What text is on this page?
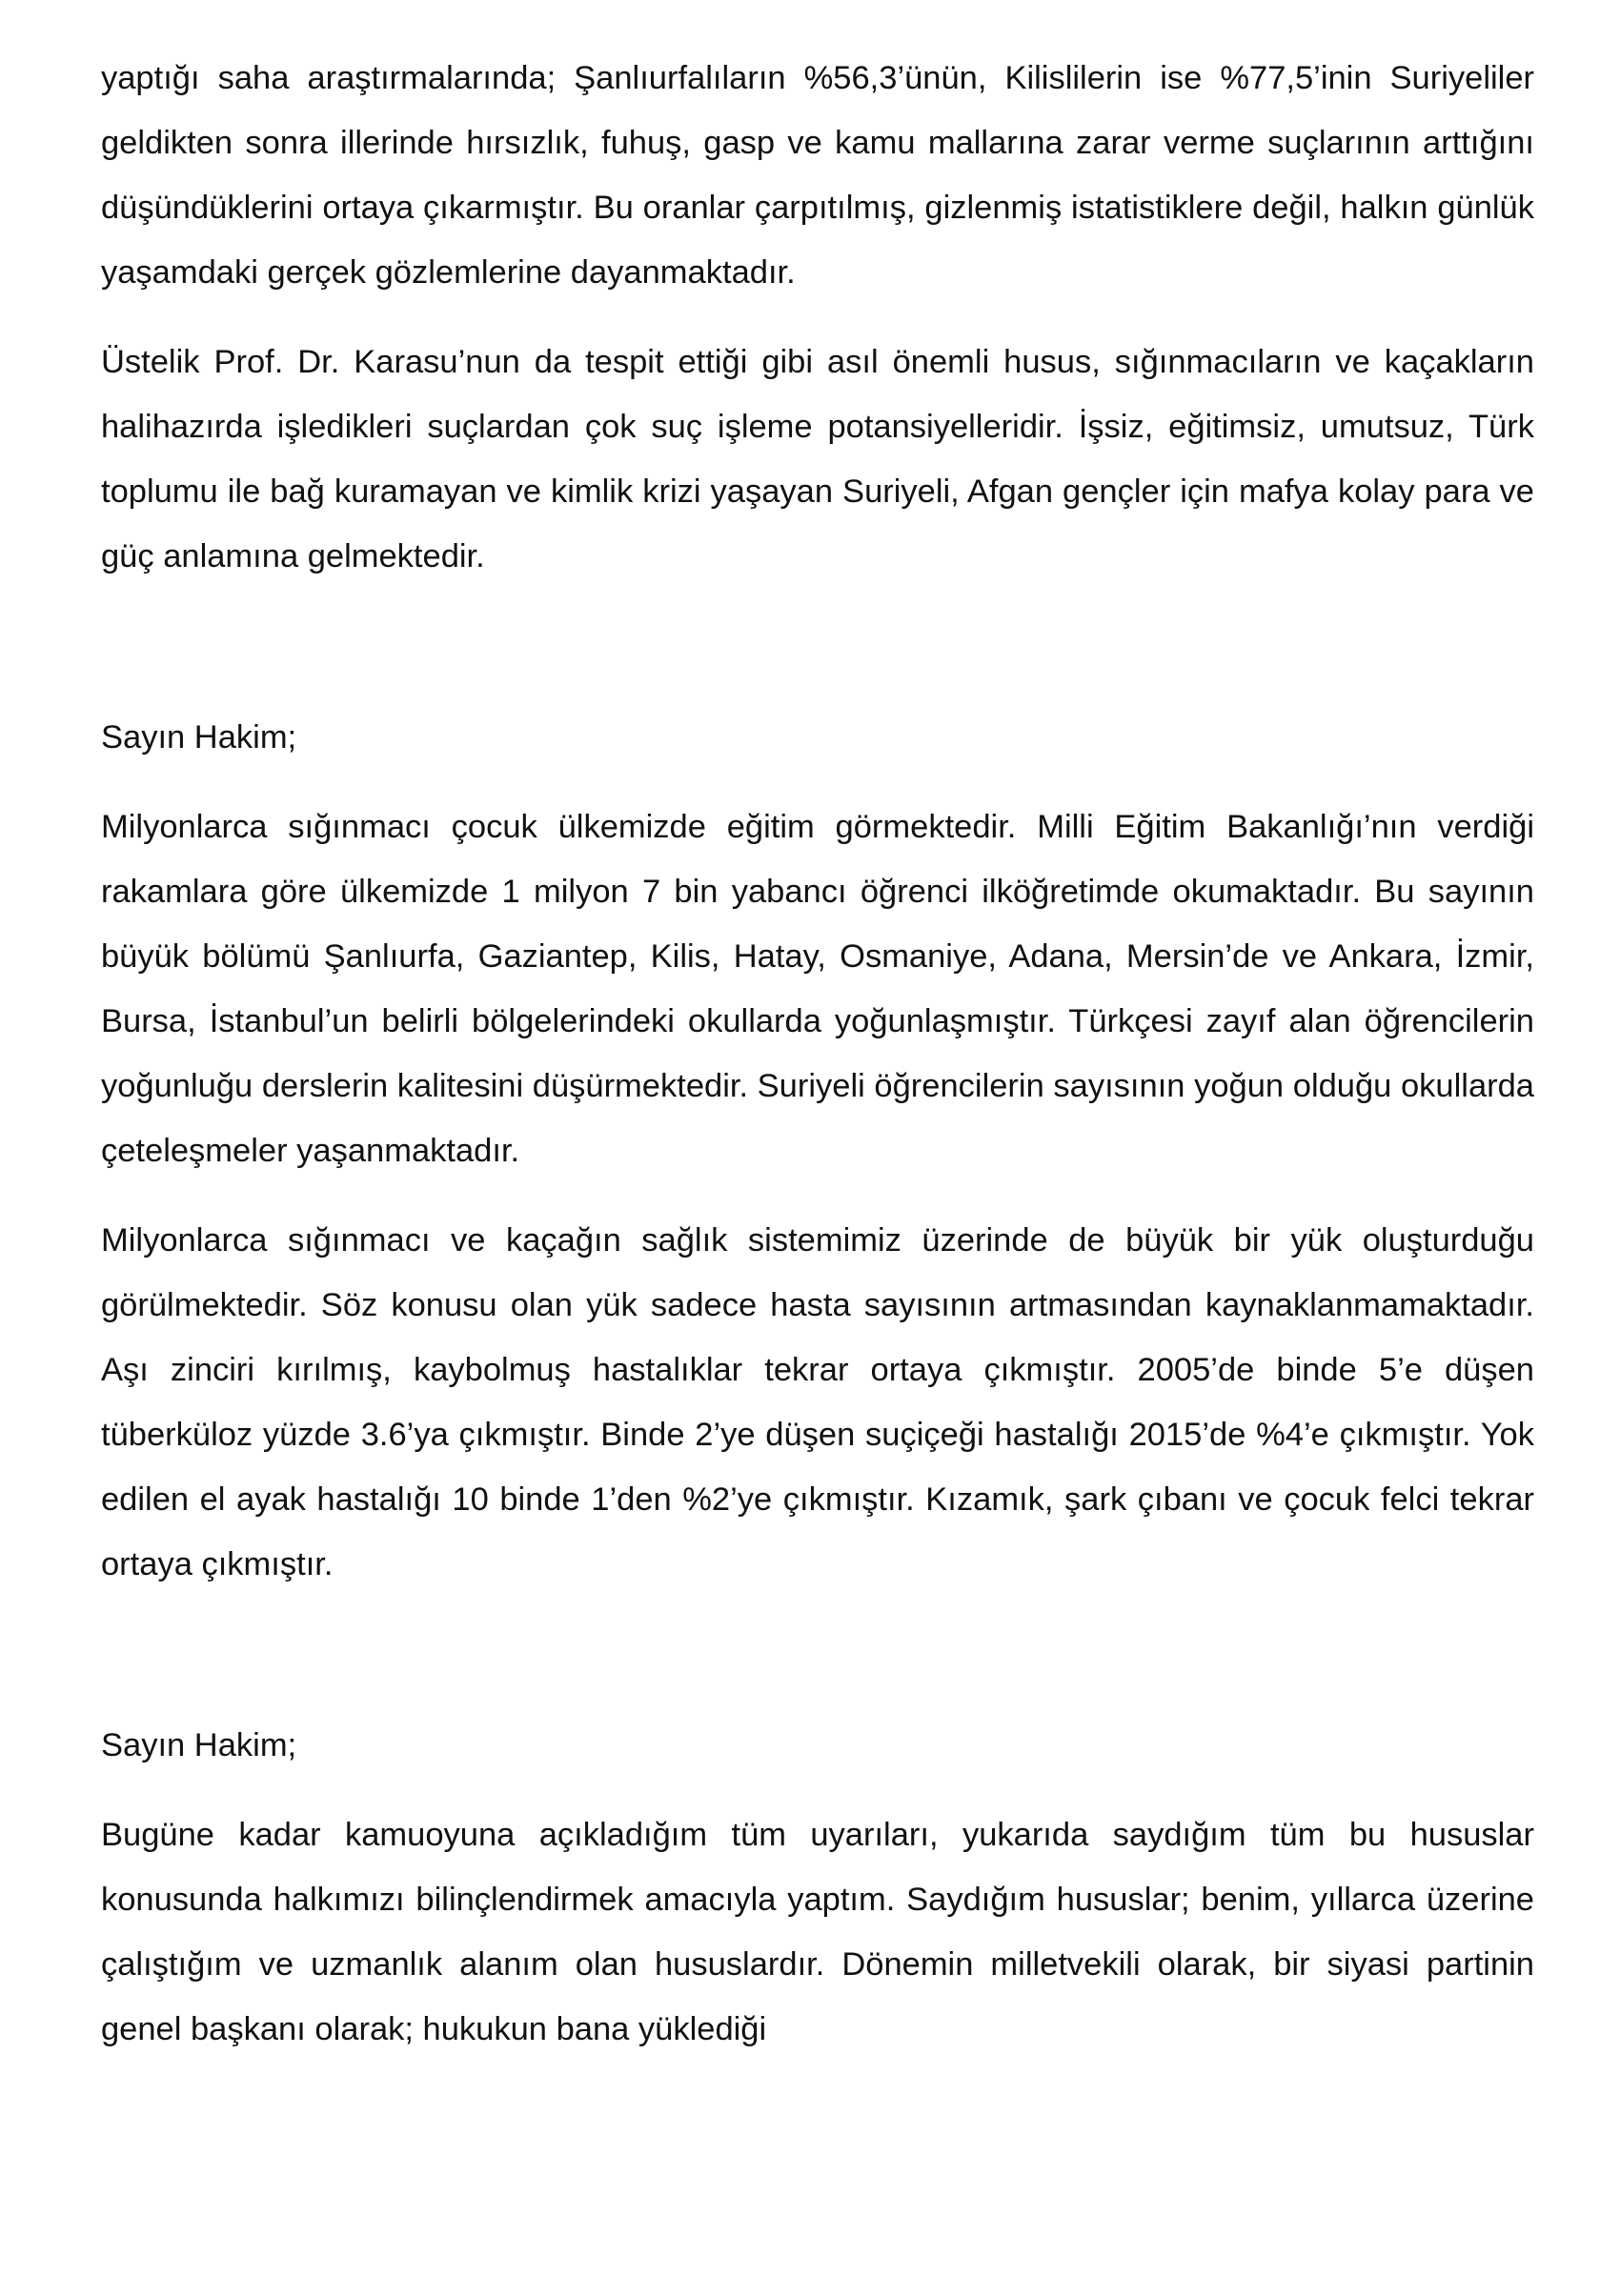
yaptığı saha araştırmalarında; Şanlıurfalıların %56,3’ünün, Kilislilerin ise %77,5’inin Suriyeliler geldikten sonra illerinde hırsızlık, fuhuş, gasp ve kamu mallarına zarar verme suçlarının arttığını düşündüklerini ortaya çıkarmıştır. Bu oranlar çarpıtılmış, gizlenmiş istatistiklere değil, halkın günlük yaşamdaki gerçek gözlemlerine dayanmaktadır.

Üstelik Prof. Dr. Karasu’nun da tespit ettiği gibi asıl önemli husus, sığınmacıların ve kaçakların halihazırda işledikleri suçlardan çok suç işleme potansiyelleridir. İşsiz, eğitimsiz, umutsuz, Türk toplumu ile bağ kuramayan ve kimlik krizi yaşayan Suriyeli, Afgan gençler için mafya kolay para ve güç anlamına gelmektedir.

Sayın Hakim;

Milyonlarca sığınmacı çocuk ülkemizde eğitim görmektedir. Milli Eğitim Bakanlığı’nın verdiği rakamlara göre ülkemizde 1 milyon 7 bin yabancı öğrenci ilköğretimde okumaktadır. Bu sayının büyük bölümü Şanlıurfa, Gaziantep, Kilis, Hatay, Osmaniye, Adana, Mersin’de ve Ankara, İzmir, Bursa, İstanbul’un belirli bölgelerindeki okullarda yoğunlaşmıştır. Türkçesi zayıf alan öğrencilerin yoğunluğu derslerin kalitesini düşürmektedir. Suriyeli öğrencilerin sayısının yoğun olduğu okullarda çeteleşmeler yaşanmaktadır.

Milyonlarca sığınmacı ve kaçağın sağlık sistemimiz üzerinde de büyük bir yük oluşturduğu görülmektedir. Söz konusu olan yük sadece hasta sayısının artmasından kaynaklanmamaktadır. Aşı zinciri kırılmış, kaybolmuş hastalıklar tekrar ortaya çıkmıştır. 2005’de binde 5’e düşen tüberküloz yüzde 3.6’ya çıkmıştır. Binde 2’ye düşen suçiçeği hastalığı 2015’de %4’e çıkmıştır. Yok edilen el ayak hastalığı 10 binde 1’den %2’ye çıkmıştır. Kızamık, şark çıbanı ve çocuk felci tekrar ortaya çıkmıştır.

Sayın Hakim;

Bugüne kadar kamuoyuna açıkladığım tüm uyarıları, yukarıda saydığım tüm bu hususlar konusunda halkımızı bilinçlendirmek amacıyla yaptım. Saydığım hususlar; benim, yıllarca üzerine çalıştığım ve uzmanlık alanım olan hususlardır. Dönemin milletvekili olarak, bir siyasi partinin genel başkanı olarak; hukukun bana yüklediği
